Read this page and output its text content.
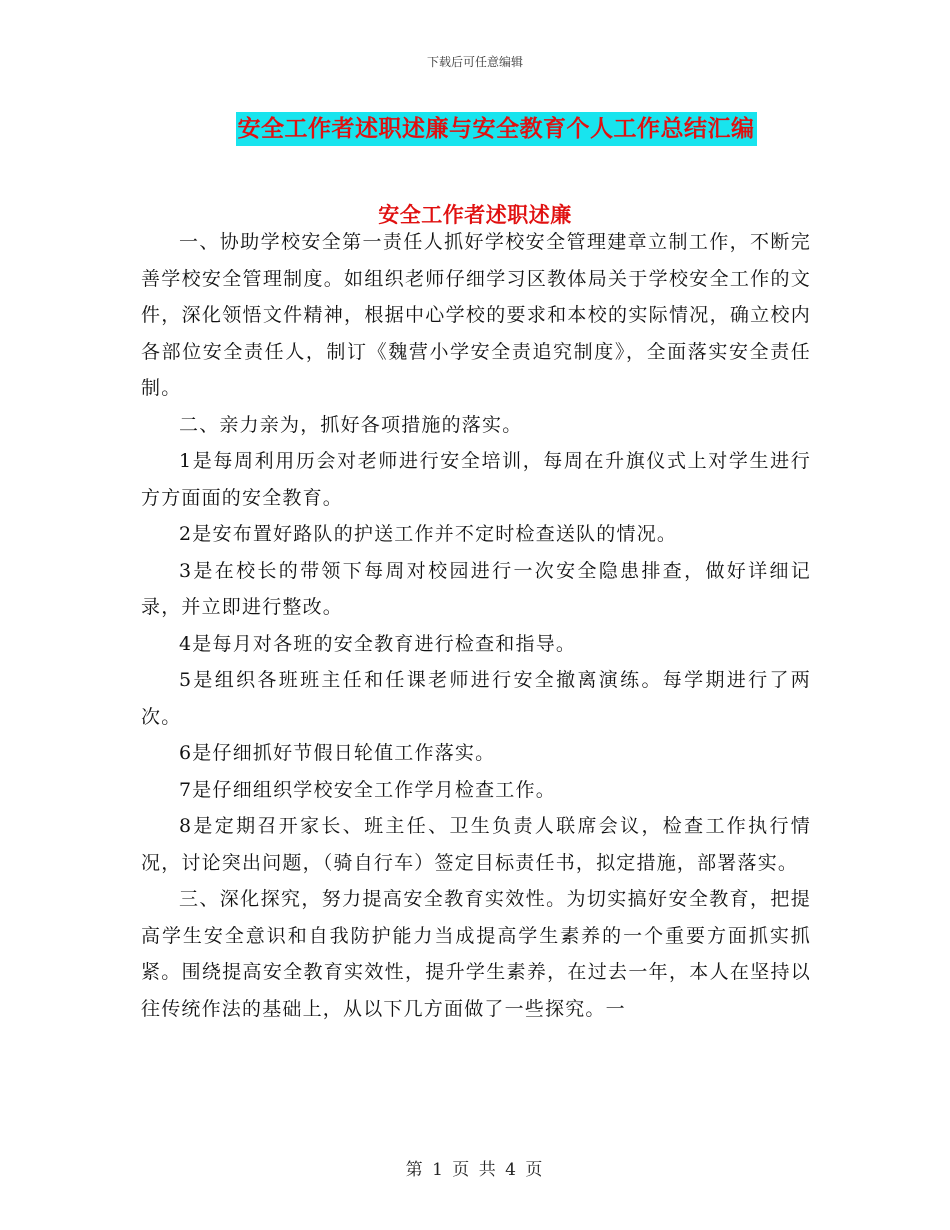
下载后可任意编辑
安全工作者述职述廉与安全教育个人工作总结汇编
安全工作者述职述廉

一、协助学校安全第一责任人抓好学校安全管理建章立制工作，不断完善学校安全管理制度。如组织老师仔细学习区教体局关于学校安全工作的文件，深化领悟文件精神，根据中心学校的要求和本校的实际情况，确立校内各部位安全责任人，制订《魏营小学安全责追究制度》，全面落实安全责任制。

二、亲力亲为，抓好各项措施的落实。

1是每周利用历会对老师进行安全培训，每周在升旗仪式上对学生进行方方面面的安全教育。

2是安布置好路队的护送工作并不定时检查送队的情况。

3是在校长的带领下每周对校园进行一次安全隐患排查，做好详细记录，并立即进行整改。

4是每月对各班的安全教育进行检查和指导。

5是组织各班班主任和任课老师进行安全撤离演练。每学期进行了两次。

6是仔细抓好节假日轮值工作落实。

7是仔细组织学校安全工作学月检查工作。

8是定期召开家长、班主任、卫生负责人联席会议，检查工作执行情况，讨论突出问题，（骑自行车）签定目标责任书，拟定措施，部署落实。

三、深化探究，努力提高安全教育实效性。为切实搞好安全教育，把提高学生安全意识和自我防护能力当成提高学生素养的一个重要方面抓实抓紧。围绕提高安全教育实效性，提升学生素养，在过去一年，本人在坚持以往传统作法的基础上，从以下几方面做了一些探究。一

第 1 页 共 4 页
